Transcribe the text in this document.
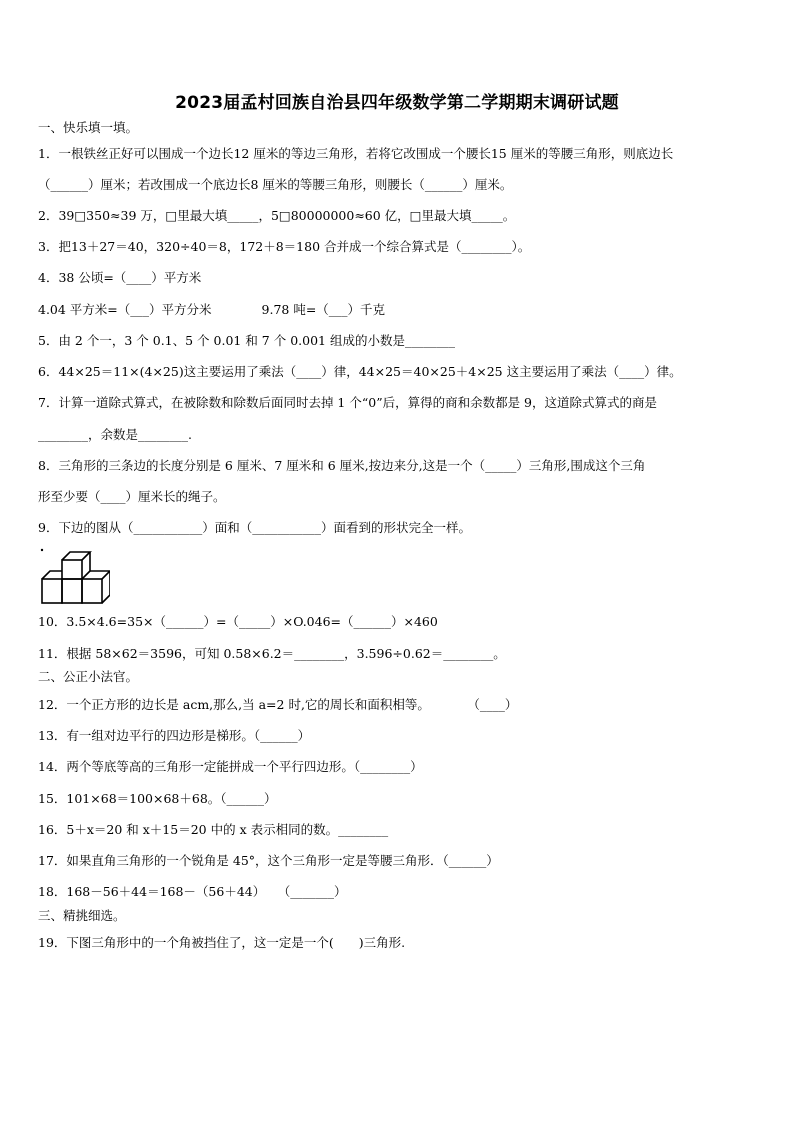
2023届孟村回族自治县四年级数学第二学期期末调研试题
一、快乐填一填。
1．一根铁丝正好可以围成一个边长12 厘米的等边三角形，若将它改围成一个腰长15 厘米的等腰三角形，则底边长
（______）厘米；若改围成一个底边长8 厘米的等腰三角形，则腰长（______）厘米。
2．39□350≈39 万，□里最大填_____，5□80000000≈60 亿，□里最大填_____。
3．把13＋27＝40，320÷40＝8，172＋8＝180 合并成一个综合算式是（________）。
4．38 公顷=（____）平方米
4.04 平方米=（___）平方分米　　　　9.78 吨=（___）千克
5．由 2 个一，3 个 0.1、5 个 0.01 和 7 个 0.001 组成的小数是________
6．44×25＝11×(4×25)这主要运用了乘法（____）律，44×25＝40×25＋4×25 这主要运用了乘法（____）律。
7．计算一道除式算式，在被除数和除数后面同时去掉 1 个“0”后，算得的商和余数都是 9，这道除式算式的商是
________，余数是________.
8．三角形的三条边的长度分别是 6 厘米、7 厘米和 6 厘米,按边来分,这是一个（_____）三角形,围成这个三角
形至少要（____）厘米长的绳子。
9．下边的图从（___________）面和（___________）面看到的形状完全一样。
10．3.5×4.6=35×（______）=（_____）×O.046=（______）×460
11．根据 58×62＝3596，可知 0.58×6.2＝________，3.596÷0.62＝________。
二、公正小法官。
12．一个正方形的边长是 acm,那么,当 a=2 时,它的周长和面积相等。　　　　（____）
13．有一组对边平行的四边形是梯形。（______）
14．两个等底等高的三角形一定能拼成一个平行四边形。（________）
15．101×68＝100×68＋68。（______）
16．5＋x＝20 和 x＋15＝20 中的 x 表示相同的数。________
17．如果直角三角形的一个锐角是 45°，这个三角形一定是等腰三角形．（______）
18．168－56＋44＝168－（56＋44）　　（_______）
三、精挑细选。
19．下图三角形中的一个角被挡住了，这一定是一个(　　)三角形.
